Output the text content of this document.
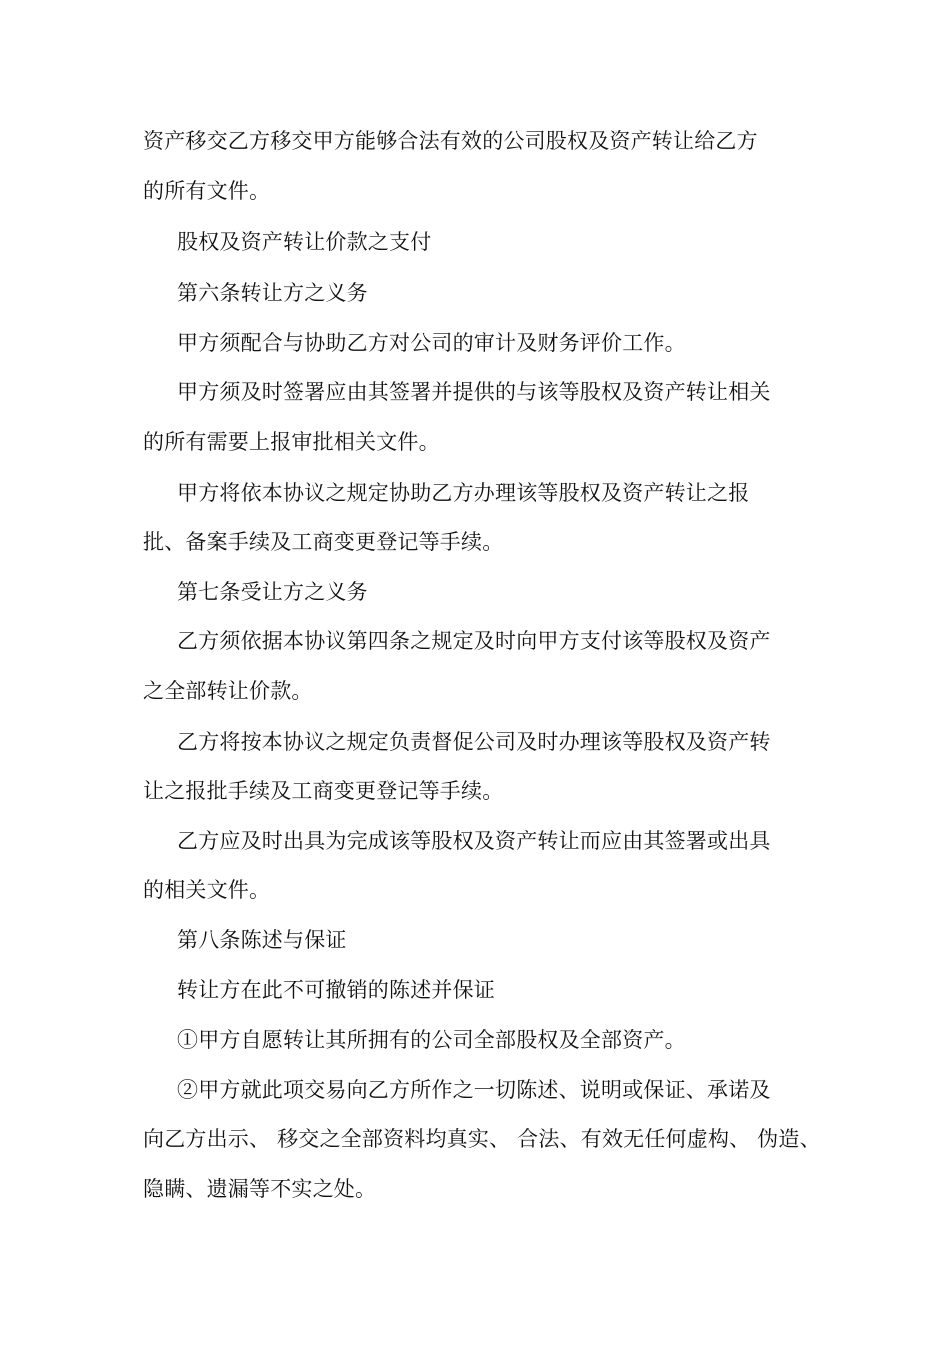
资产移交乙方移交甲方能够合法有效的公司股权及资产转让给乙方
的所有文件。
股权及资产转让价款之支付
第六条转让方之义务
甲方须配合与协助乙方对公司的审计及财务评价工作。
甲方须及时签署应由其签署并提供的与该等股权及资产转让相关
的所有需要上报审批相关文件。
甲方将依本协议之规定协助乙方办理该等股权及资产转让之报
批、备案手续及工商变更登记等手续。
第七条受让方之义务
乙方须依据本协议第四条之规定及时向甲方支付该等股权及资产
之全部转让价款。
乙方将按本协议之规定负责督促公司及时办理该等股权及资产转
让之报批手续及工商变更登记等手续。
乙方应及时出具为完成该等股权及资产转让而应由其签署或出具
的相关文件。
第八条陈述与保证
转让方在此不可撤销的陈述并保证
①甲方自愿转让其所拥有的公司全部股权及全部资产。
②甲方就此项交易向乙方所作之一切陈述、说明或保证、承诺及
向乙方出示、 移交之全部资料均真实、 合法、有效无任何虚构、 伪造、
隐瞒、遗漏等不实之处。
